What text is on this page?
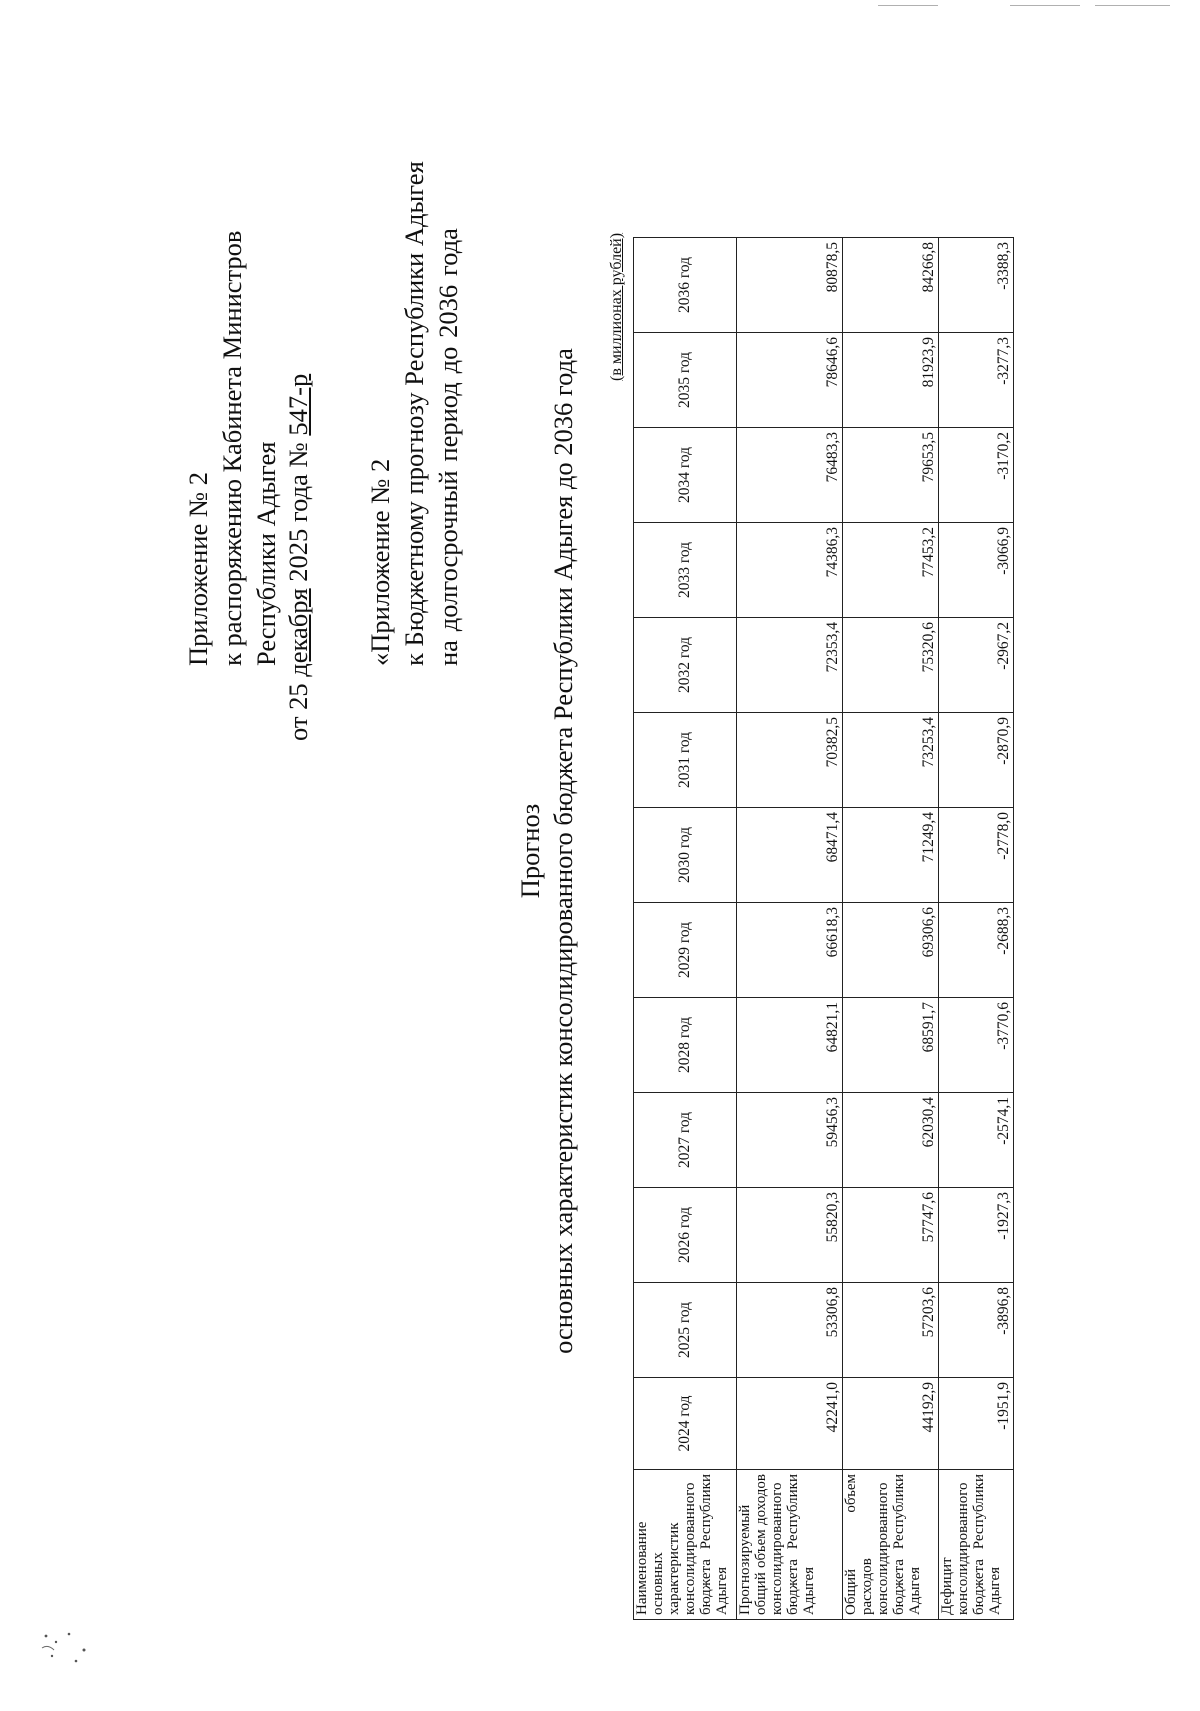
Приложение № 2 к распоряжению Кабинета Министров Республики Адыгея
от 25 декабря 2025 года № 547-р
«Приложение № 2 к Бюджетному прогнозу Республики Адыгея на
долгосрочный
период
до
2036
года
Прогноз основных характеристик консолидированного бюджета Республики Адыгея до 2036 года
(в миллионах рублей)
Наименование основных характеристик консолидированного бюджета Республики Адыгея	2024 год	2025 год	2026 год	2027 год	2028 год	2029 год	2030 год	2031 год	2032 год	2033 год	2034 год	2035 год	2036 год
Прогнозируемый общий объем доходов консолидированного бюджета Республики Адыгея	42241,0	53306,8	55820,3	59456,3	64821,1	66618,3	68471,4	70382,5	72353,4	74386,3	76483,3	78646,6	80878,5
Общий объем расходов консолидированного бюджета Республики Адыгея	44192,9	57203,6	57747,6	62030,4	68591,7	69306,6	71249,4	73253,4	75320,6	77453,2	79653,5	81923,9	84266,8
Дефицит консолидированного бюджета Республики Адыгея	-1951,9	-3896,8	-1927,3	-2574,1	-3770,6	-2688,3	-2778,0	-2870,9	-2967,2	-3066,9	-3170,2	-3277,3	-3388,3
